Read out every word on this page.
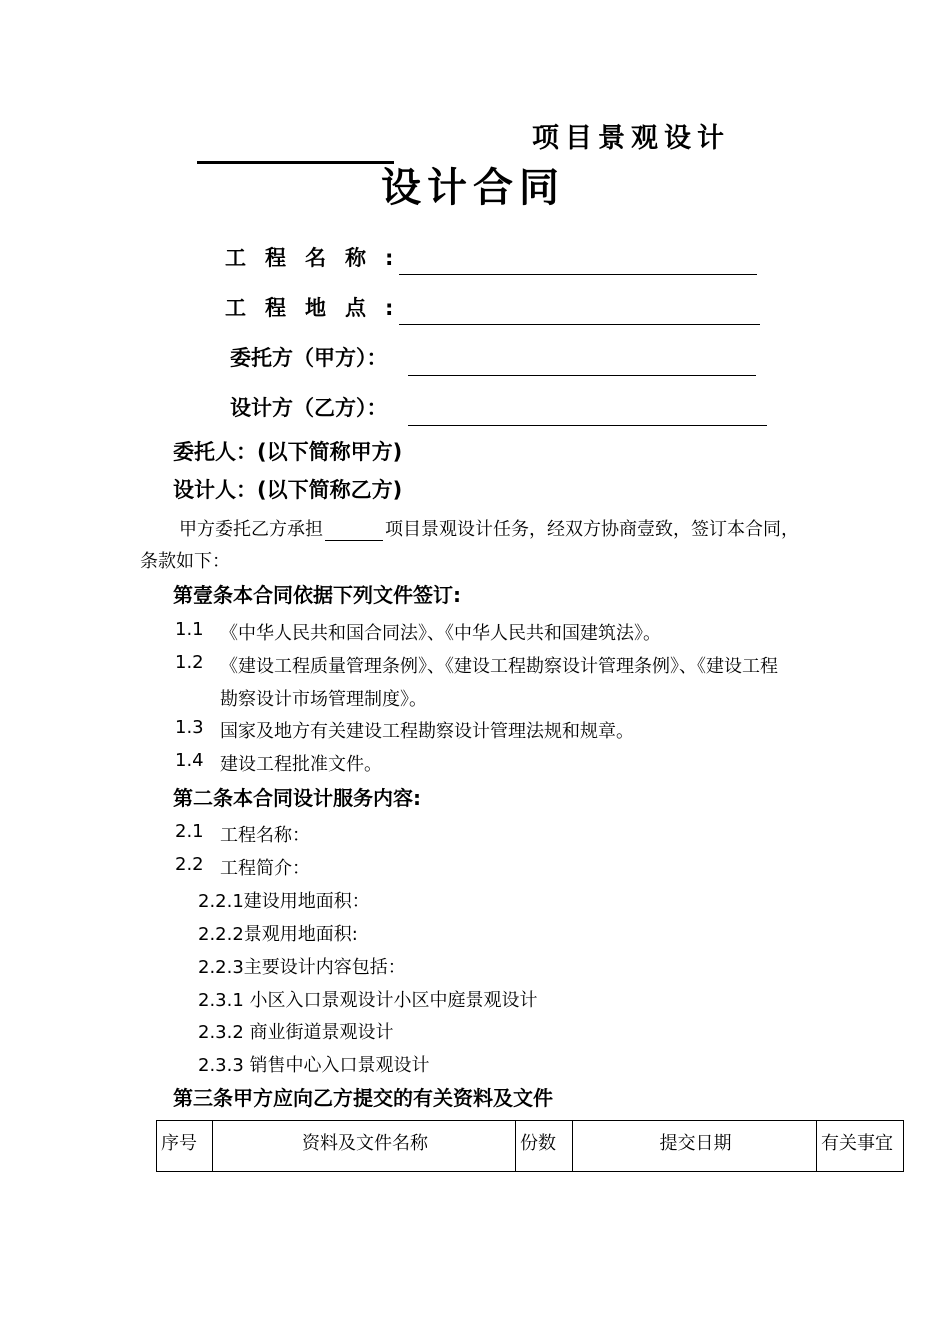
项目景观设计
设计合同
工程名称:
工程地点:
委托方（甲方）：
设计方（乙方）：
委托人：(以下简称甲方)
设计人：(以下简称乙方)
甲方委托乙方承担	项目景观设计任务，经双方协商壹致，签订本合同，
条款如下：
第壹条本合同依据下列文件签订:
1.1 《中华人民共和国合同法》、《中华人民共和国建筑法》。
1.2 《建设工程质量管理条例》、《建设工程勘察设计管理条例》、《建设工程
勘察设计市场管理制度》。
1.3 国家及地方有关建设工程勘察设计管理法规和规章。
1.4 建设工程批准文件。
第二条本合同设计服务内容:
2.1 工程名称：
2.2 工程简介：
2.2.1建设用地面积：
2.2.2景观用地面积:
2.2.3主要设计内容包括：
2.3.1 小区入口景观设计小区中庭景观设计
2.3.2 商业街道景观设计
2.3.3 销售中心入口景观设计
第三条甲方应向乙方提交的有关资料及文件
序号	资料及文件名称	份数	提交日期	有关事宜
